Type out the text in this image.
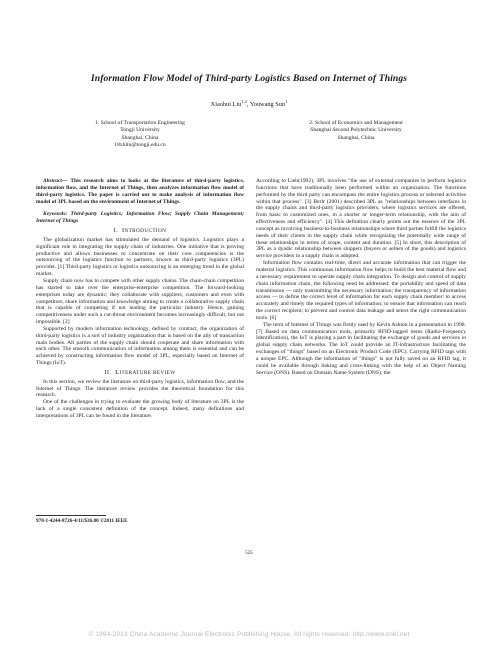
Information Flow Model of Third-party Logistics Based on Internet of Things
Xiaohui Liu$^{1,2}$, Youwang Sun$^1$
1. School of Transportation Engineering
Tongji University
Shanghai, China
18xhliu@tongji.edu.cn
2. School of Economics and Management
Shanghai Second Polytechnic University
Shanghai, China

Abstract— This research aims to looks at the literature of third-party logistics, information flow, and the Internet of Things, then analyzes information flow model of third-party logistics. The paper is carried out to make analysis of information flow model of 3PL based on the environment of Internet of Things.

Keywords: Third-party Logistics; Information Flow; Supply Chain Management; Internet of Things

I. INTRODUCTION

The globalization market has stimulated the demand of logistics. Logistics plays a significant role in integrating the supply chain of industries. One initiative that is proving productive and allows businesses to concentrate on their core competencies is the outsourcing of the logistics function to partners, known as third-party logistics (3PL) provider. [1] Third-party logistics or logistics outsourcing is an emerging trend in the global market.

Supply chain now has to compete with other supply chains. The chain-chain competition has started to take over the enterprise-enterprise competition. The forward-looking enterprises today are dynamic; they collaborate with suppliers, customers and even with competitors, share information and knowledge aiming to create a collaborative supply chain that is capable of competing if not leading the particular industry. Hence, gaining competitiveness under such a cut-throat environment becomes increasingly difficult, but not impossible. [2]

Supported by modern information technology, defined by contract, the organization of third-party logistics is a sort of industry organization that is based on the ally of transaction main bodies. All parties of the supply chain should cooperate and share information with each other. The smooth communication of information among them is essential and can be achieved by constructing information flow model of 3PL, especially based on Internet of Things (IoT).

II. LITERATURE REVIEW

In this section, we review the literature on third-party logistics, information flow, and the Internet of Things. The literature review provides the theoretical foundation for this research.

One of the challenges in trying to evaluate the growing body of literature on 3PL is the lack of a single consistent definition of the concept. Indeed, many definitions and interpretations of 3PL can be found in the literature.

According to Lieb(1992), 3PL involves "the use of external companies to perform logistics functions that have traditionally been performed within an organization. The functions performed by the third party can encompass the entire logistics process or selected activities within that process". [3] Berlr (2001) described 3PL as "relationships between interfaces in the supply chains and third-party logistics providers, where logistics services are offered, from basic to customized ones, in a shorter or longer-term relationship, with the aim of effectiveness and efficiency". [4] This definition clearly points out the essence of the 3PL concept as involving business-to-business relationships where third parties fulfill the logistics needs of their clients in the supply chain while recognizing the potentially wide range of these relationships in terms of scope, content and duration. [5] In short, this description of 3PL as a dyadic relationship between shippers (buyers or sellers of the goods) and logistics service providers in a supply chain is adopted.

Information flow contains real-time, direct and accurate information that can trigger the material logistics. This continuous information flow helps to build the best material flow and a necessary requirement to operate supply chain integration. To design and control of supply chain information chain, the following need be addressed: the portability and speed of data transmission — only transmitting the necessary information; the transparency of information access — to define the correct level of information for each supply chain member: to access accurately and timely the required types of information; to ensure that information can reach the correct recipient; to prevent and control data leakage and select the right communication tools. [6]

The term of Internet of Things was firstly used by Kevin Ashton in a presentation in 1998. [7] Based on data communication tools, primarily RFID-tagged items (Radio-Frequency Identification), the IoT is playing a part in facilitating the exchange of goods and services in global supply chain networks. The IoT could provide an IT-infrastructure facilitating the exchanges of "things" based on an Electronic Product Code (EPC). Carrying RFID tags with a unique EPC. Although the information of "things" is not fully saved on an RFID tag, it could be available through linking and cross-linking with the help of an Object Naming Service (ONS). Based on Domain Name System (DNS), the

978-1-4244-8726-4/11/$26.00 ©2011 IEEE
525
© 1994-2013 China Academic Journal Electronic Publishing House. All rights reserved. http://www.cnki.net
